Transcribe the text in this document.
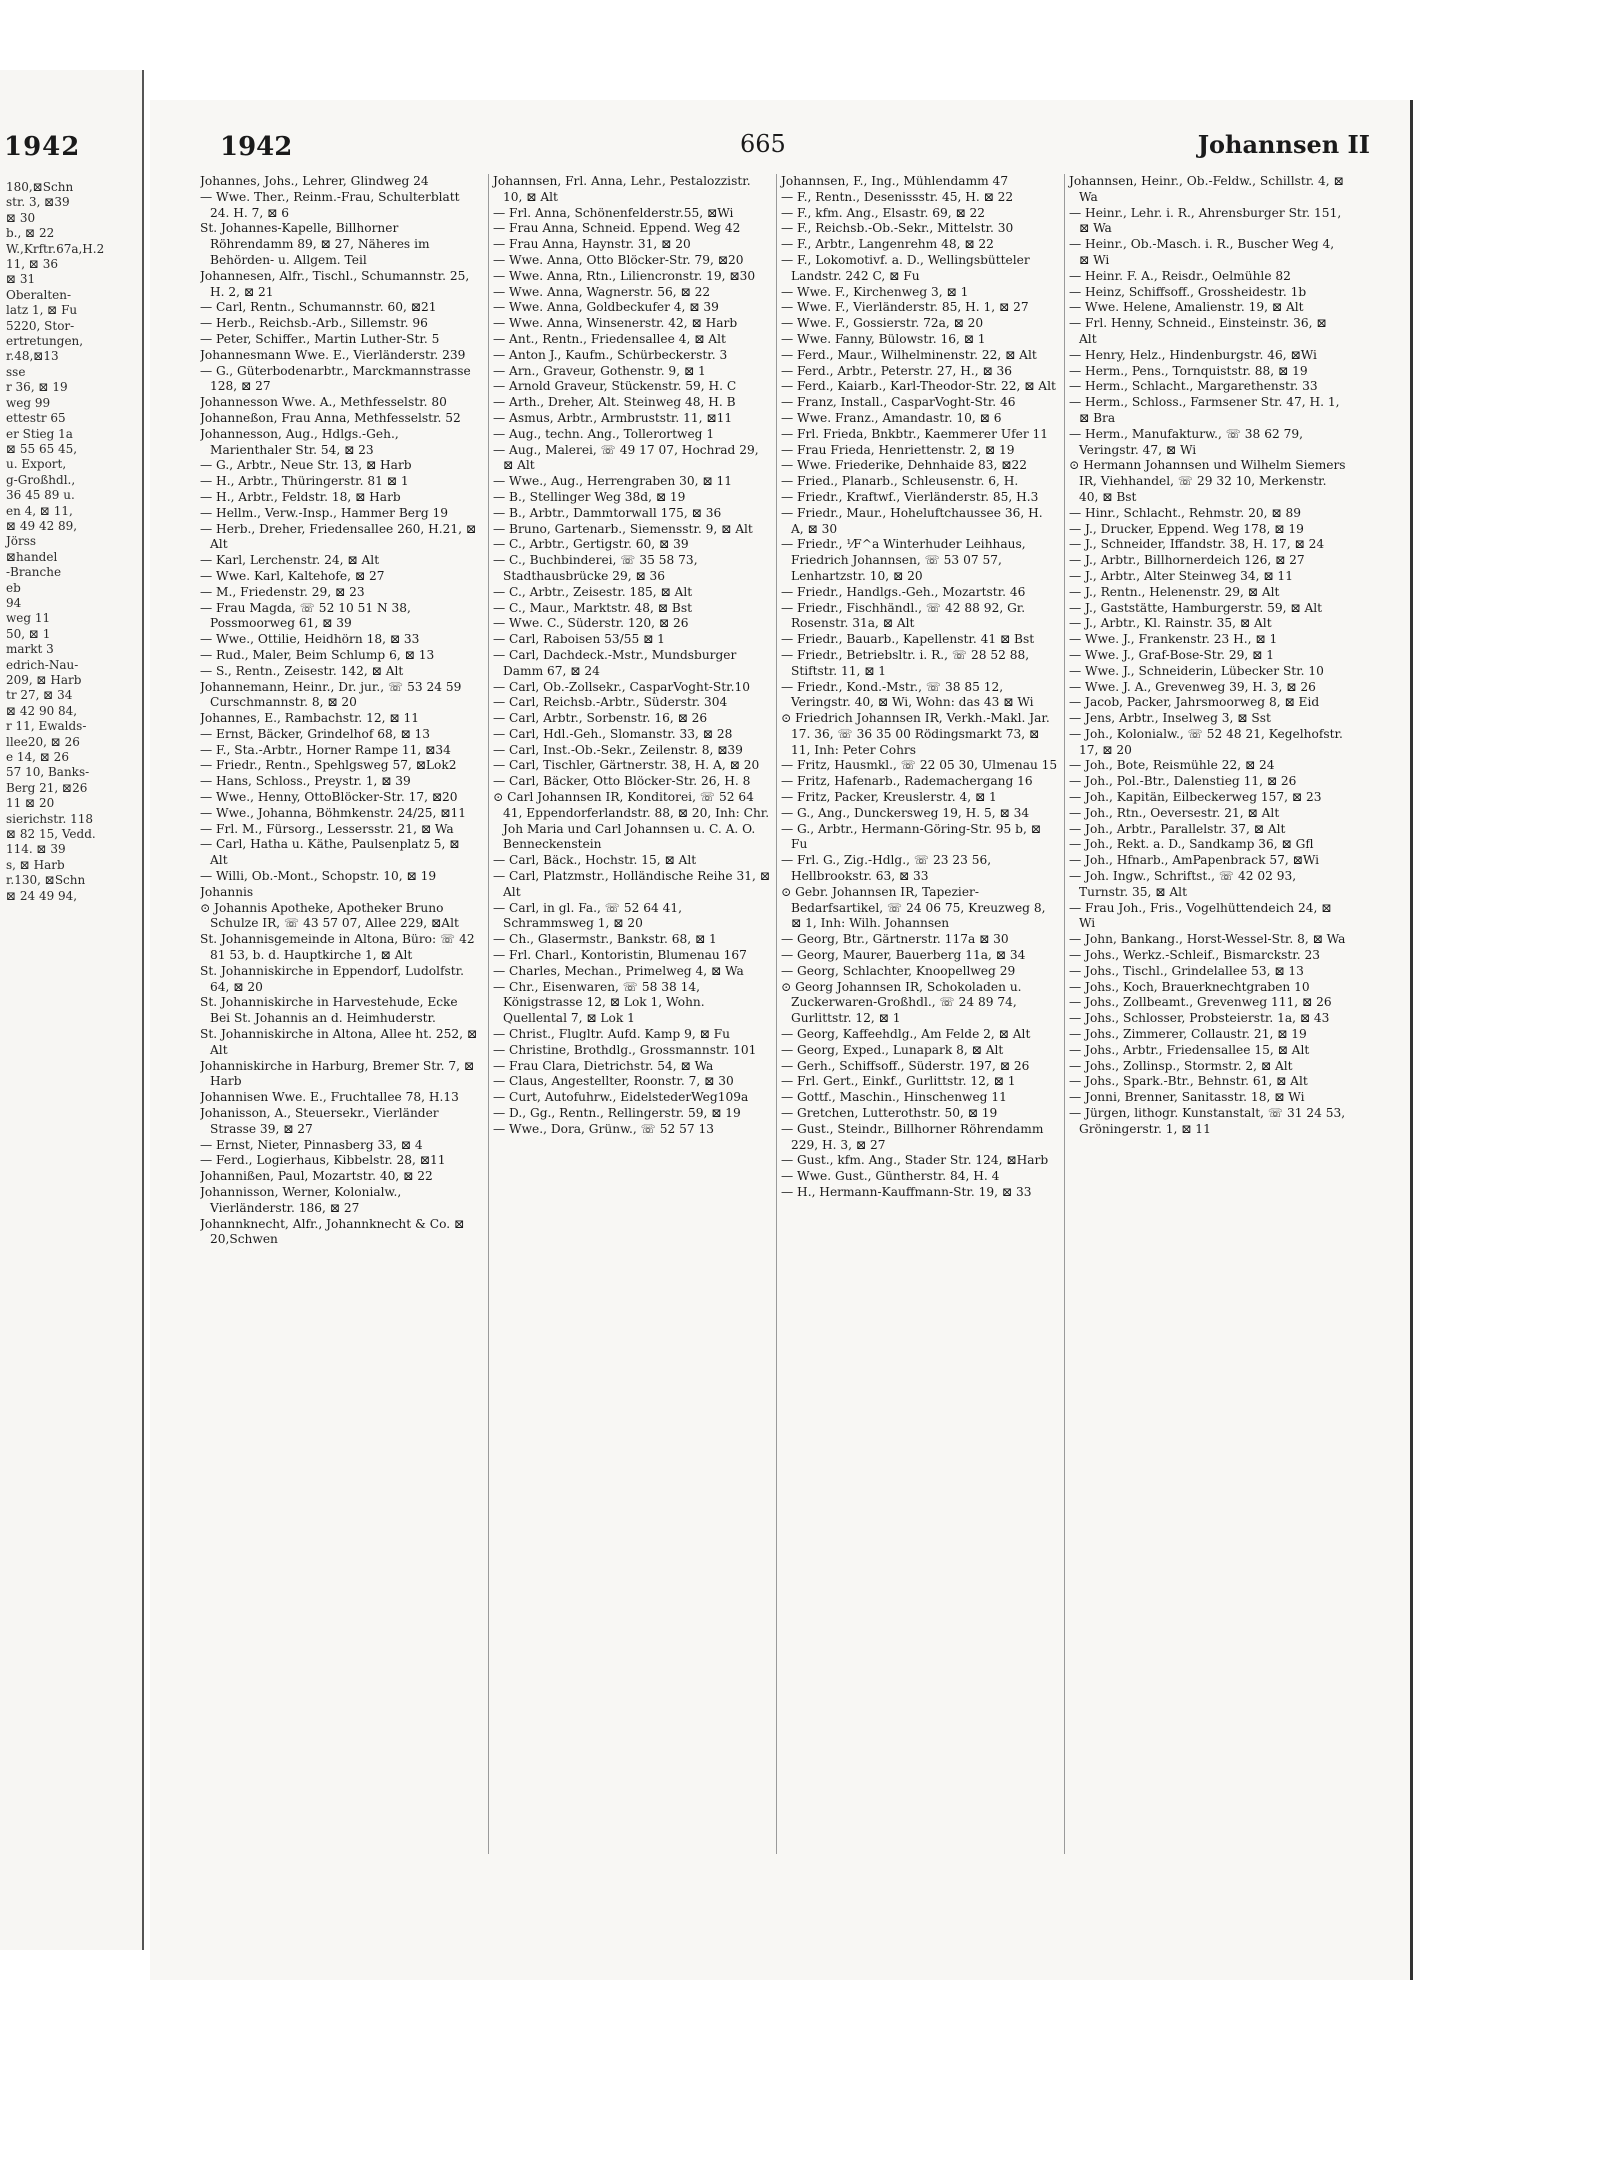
1942
180,⊠Schn
str. 3, ⊠39
⊠ 30
b., ⊠ 22
W.,Krftr.67a,H.2
11, ⊠ 36
⊠ 31
Oberalten-
latz 1, ⊠ Fu
5220, Stor-
ertretungen,
r.48,⊠13
sse
r 36, ⊠ 19
weg 99
ettestr 65
er Stieg 1a
⊠ 55 65 45,
u. Export,
g-Großhdl.,
36 45 89 u.
en 4, ⊠ 11,
⊠ 49 42 89,
Jörss
⊠handel
-Branche
eb
94
weg 11
50, ⊠ 1
markt 3
edrich-Nau-
209, ⊠ Harb
tr 27, ⊠ 34
⊠ 42 90 84,
r 11, Ewalds-
llee20, ⊠ 26
e 14, ⊠ 26
57 10, Banks-
Berg 21, ⊠26
11 ⊠ 20
sierichstr. 118
⊠ 82 15, Vedd.
114. ⊠ 39
s, ⊠ Harb
r.130, ⊠Schn
⊠ 24 49 94,
1942	665	Johannsen II
Johannes, Johs., Lehrer, Glindweg 24
— Wwe. Ther., Reinm.-Frau, Schulterblatt 24. H. 7, ⊠ 6
St. Johannes-Kapelle, Billhorner Röhrendamm 89, ⊠ 27, Näheres im Behörden- u. Allgem. Teil
Johannesen, Alfr., Tischl., Schumannstr. 25, H. 2, ⊠ 21
— Carl, Rentn., Schumannstr. 60, ⊠21
— Herb., Reichsb.-Arb., Sillemstr. 96
— Peter, Schiffer., Martin Luther-Str. 5
Johannesmann Wwe. E., Vierländerstr. 239
— G., Güterbodenarbtr., Marckmannstrasse 128, ⊠ 27
Johannesson Wwe. A., Methfesselstr. 80
Johanneßon, Frau Anna, Methfesselstr. 52
Johannesson, Aug., Hdlgs.-Geh., Marienthaler Str. 54, ⊠ 23
— G., Arbtr., Neue Str. 13, ⊠ Harb
— H., Arbtr., Thüringerstr. 81 ⊠ 1
— H., Arbtr., Feldstr. 18, ⊠ Harb
— Hellm., Verw.-Insp., Hammer Berg 19
— Herb., Dreher, Friedensallee 260, H.21, ⊠ Alt
— Karl, Lerchenstr. 24, ⊠ Alt
— Wwe. Karl, Kaltehofe, ⊠ 27
— M., Friedenstr. 29, ⊠ 23
— Frau Magda, ☏ 52 10 51 N 38, Possmoorweg 61, ⊠ 39
— Wwe., Ottilie, Heidhörn 18, ⊠ 33
— Rud., Maler, Beim Schlump 6, ⊠ 13
— S., Rentn., Zeisestr. 142, ⊠ Alt
Johannemann, Heinr., Dr. jur., ☏ 53 24 59 Curschmannstr. 8, ⊠ 20
Johannes, E., Rambachstr. 12, ⊠ 11
— Ernst, Bäcker, Grindelhof 68, ⊠ 13
— F., Sta.-Arbtr., Horner Rampe 11, ⊠34
— Friedr., Rentn., Spehlgsweg 57, ⊠Lok2
— Hans, Schloss., Preystr. 1, ⊠ 39
— Wwe., Henny, OttoBlöcker-Str. 17, ⊠20
— Wwe., Johanna, Böhmkenstr. 24/25, ⊠11
— Frl. M., Fürsorg., Lessersstr. 21, ⊠ Wa
— Carl, Hatha u. Käthe, Paulsenplatz 5, ⊠ Alt
— Willi, Ob.-Mont., Schopstr. 10, ⊠ 19
Johannis
⊙ Johannis Apotheke, Apotheker Bruno Schulze IR, ☏ 43 57 07, Allee 229, ⊠Alt
St. Johannisgemeinde in Altona, Büro: ☏ 42 81 53, b. d. Hauptkirche 1, ⊠ Alt
St. Johanniskirche in Eppendorf, Ludolfstr. 64, ⊠ 20
St. Johanniskirche in Harvestehude, Ecke Bei St. Johannis an d. Heimhuderstr.
St. Johanniskirche in Altona, Allee ht. 252, ⊠ Alt
Johanniskirche in Harburg, Bremer Str. 7, ⊠ Harb
Johannisen Wwe. E., Fruchtallee 78, H.13
Johanisson, A., Steuersekr., Vierländer Strasse 39, ⊠ 27
— Ernst, Nieter, Pinnasberg 33, ⊠ 4
— Ferd., Logierhaus, Kibbelstr. 28, ⊠11
Johannißen, Paul, Mozartstr. 40, ⊠ 22
Johannisson, Werner, Kolonialw., Vierländerstr. 186, ⊠ 27
Johannknecht, Alfr., Johannknecht & Co. ⊠ 20,Schwen
Johannsen, Frl. Anna, Lehr., Pestalozzistr. 10, ⊠ Alt
— Frl. Anna, Schönenfelderstr.55, ⊠Wi
— Frau Anna, Schneid. Eppend. Weg 42
— Frau Anna, Haynstr. 31, ⊠ 20
— Wwe. Anna, Otto Blöcker-Str. 79, ⊠20
— Wwe. Anna, Rtn., Liliencronstr. 19, ⊠30
— Wwe. Anna, Wagnerstr. 56, ⊠ 22
— Wwe. Anna, Goldbeckufer 4, ⊠ 39
— Wwe. Anna, Winsenerstr. 42, ⊠ Harb
— Ant., Rentn., Friedensallee 4, ⊠ Alt
— Anton J., Kaufm., Schürbeckerstr. 3
— Arn., Graveur, Gothenstr. 9, ⊠ 1
— Arnold Graveur, Stückenstr. 59, H. C
— Arth., Dreher, Alt. Steinweg 48, H. B
— Asmus, Arbtr., Armbruststr. 11, ⊠11
— Aug., techn. Ang., Tollerortweg 1
— Aug., Malerei, ☏ 49 17 07, Hochrad 29, ⊠ Alt
— Wwe., Aug., Herrengraben 30, ⊠ 11
— B., Stellinger Weg 38d, ⊠ 19
— B., Arbtr., Dammtorwall 175, ⊠ 36
— Bruno, Gartenarb., Siemensstr. 9, ⊠ Alt
— C., Arbtr., Gertigstr. 60, ⊠ 39
— C., Buchbinderei, ☏ 35 58 73, Stadthausbrücke 29, ⊠ 36
— C., Arbtr., Zeisestr. 185, ⊠ Alt
— C., Maur., Marktstr. 48, ⊠ Bst
— Wwe. C., Süderstr. 120, ⊠ 26
— Carl, Raboisen 53/55 ⊠ 1
— Carl, Dachdeck.-Mstr., Mundsburger Damm 67, ⊠ 24
— Carl, Ob.-Zollsekr., CasparVoght-Str.10
— Carl, Reichsb.-Arbtr., Süderstr. 304
— Carl, Arbtr., Sorbenstr. 16, ⊠ 26
— Carl, Hdl.-Geh., Slomanstr. 33, ⊠ 28
— Carl, Inst.-Ob.-Sekr., Zeilenstr. 8, ⊠39
— Carl, Tischler, Gärtnerstr. 38, H. A, ⊠ 20
— Carl, Bäcker, Otto Blöcker-Str. 26, H. 8
⊙ Carl Johannsen IR, Konditorei, ☏ 52 64 41, Eppendorferlandstr. 88, ⊠ 20, Inh: Chr. Joh Maria und Carl Johannsen u. C. A. O. Benneckenstein
— Carl, Bäck., Hochstr. 15, ⊠ Alt
— Carl, Platzmstr., Holländische Reihe 31, ⊠ Alt
— Carl, in gl. Fa., ☏ 52 64 41, Schrammsweg 1, ⊠ 20
— Ch., Glasermstr., Bankstr. 68, ⊠ 1
— Frl. Charl., Kontoristin, Blumenau 167
— Charles, Mechan., Primelweg 4, ⊠ Wa
— Chr., Eisenwaren, ☏ 58 38 14, Königstrasse 12, ⊠ Lok 1, Wohn. Quellental 7, ⊠ Lok 1
— Christ., Flugltr. Aufd. Kamp 9, ⊠ Fu
— Christine, Brothdlg., Grossmannstr. 101
— Frau Clara, Dietrichstr. 54, ⊠ Wa
— Claus, Angestellter, Roonstr. 7, ⊠ 30
— Curt, Autofuhrw., EidelstederWeg109a
— D., Gg., Rentn., Rellingerstr. 59, ⊠ 19
— Wwe., Dora, Grünw., ☏ 52 57 13
Johannsen, F., Ing., Mühlendamm 47
— F., Rentn., Desenissstr. 45, H. ⊠ 22
— F., kfm. Ang., Elsastr. 69, ⊠ 22
— F., Reichsb.-Ob.-Sekr., Mittelstr. 30
— F., Arbtr., Langenrehm 48, ⊠ 22
— F., Lokomotivf. a. D., Wellingsbütteler Landstr. 242 C, ⊠ Fu
— Wwe. F., Kirchenweg 3, ⊠ 1
— Wwe. F., Vierländerstr. 85, H. 1, ⊠ 27
— Wwe. F., Gossierstr. 72a, ⊠ 20
— Wwe. Fanny, Bülowstr. 16, ⊠ 1
— Ferd., Maur., Wilhelminenstr. 22, ⊠ Alt
— Ferd., Arbtr., Peterstr. 27, H., ⊠ 36
— Ferd., Kaiarb., Karl-Theodor-Str. 22, ⊠ Alt
— Franz, Install., CasparVoght-Str. 46
— Wwe. Franz., Amandastr. 10, ⊠ 6
— Frl. Frieda, Bnkbtr., Kaemmerer Ufer 11
— Frau Frieda, Henriettenstr. 2, ⊠ 19
— Wwe. Friederike, Dehnhaide 83, ⊠22
— Fried., Planarb., Schleusenstr. 6, H.
— Friedr., Kraftwf., Vierländerstr. 85, H.3
— Friedr., Maur., Hoheluftchaussee 36, H. A, ⊠ 30
— Friedr., ⅟F^a Winterhuder Leihhaus, Friedrich Johannsen, ☏ 53 07 57, Lenhartzstr. 10, ⊠ 20
— Friedr., Handlgs.-Geh., Mozartstr. 46
— Friedr., Fischhändl., ☏ 42 88 92, Gr. Rosenstr. 31a, ⊠ Alt
— Friedr., Bauarb., Kapellenstr. 41 ⊠ Bst
— Friedr., Betriebsltr. i. R., ☏ 28 52 88, Stiftstr. 11, ⊠ 1
— Friedr., Kond.-Mstr., ☏ 38 85 12, Veringstr. 40, ⊠ Wi, Wohn: das 43 ⊠ Wi
⊙ Friedrich Johannsen IR, Verkh.-Makl. Jar. 17. 36, ☏ 36 35 00 Rödingsmarkt 73, ⊠ 11, Inh: Peter Cohrs
— Fritz, Hausmkl., ☏ 22 05 30, Ulmenau 15
— Fritz, Hafenarb., Rademachergang 16
— Fritz, Packer, Kreuslerstr. 4, ⊠ 1
— G., Ang., Dunckersweg 19, H. 5, ⊠ 34
— G., Arbtr., Hermann-Göring-Str. 95 b, ⊠ Fu
— Frl. G., Zig.-Hdlg., ☏ 23 23 56, Hellbrookstr. 63, ⊠ 33
⊙ Gebr. Johannsen IR, Tapezier-Bedarfsartikel, ☏ 24 06 75, Kreuzweg 8, ⊠ 1, Inh: Wilh. Johannsen
— Georg, Btr., Gärtnerstr. 117a ⊠ 30
— Georg, Maurer, Bauerberg 11a, ⊠ 34
— Georg, Schlachter, Knoopellweg 29
⊙ Georg Johannsen IR, Schokoladen u. Zuckerwaren-Großhdl., ☏ 24 89 74, Gurlittstr. 12, ⊠ 1
— Georg, Kaffeehdlg., Am Felde 2, ⊠ Alt
— Georg, Exped., Lunapark 8, ⊠ Alt
— Gerh., Schiffsoff., Süderstr. 197, ⊠ 26
— Frl. Gert., Einkf., Gurlittstr. 12, ⊠ 1
— Gottf., Maschin., Hinschenweg 11
— Gretchen, Lutterothstr. 50, ⊠ 19
— Gust., Steindr., Billhorner Röhrendamm 229, H. 3, ⊠ 27
— Gust., kfm. Ang., Stader Str. 124, ⊠Harb
— Wwe. Gust., Güntherstr. 84, H. 4
— H., Hermann-Kauffmann-Str. 19, ⊠ 33
Johannsen, Heinr., Ob.-Feldw., Schillstr. 4, ⊠ Wa
— Heinr., Lehr. i. R., Ahrensburger Str. 151, ⊠ Wa
— Heinr., Ob.-Masch. i. R., Buscher Weg 4, ⊠ Wi
— Heinr. F. A., Reisdr., Oelmühle 82
— Heinz, Schiffsoff., Grossheidestr. 1b
— Wwe. Helene, Amalienstr. 19, ⊠ Alt
— Frl. Henny, Schneid., Einsteinstr. 36, ⊠ Alt
— Henry, Helz., Hindenburgstr. 46, ⊠Wi
— Herm., Pens., Tornquiststr. 88, ⊠ 19
— Herm., Schlacht., Margarethenstr. 33
— Herm., Schloss., Farmsener Str. 47, H. 1, ⊠ Bra
— Herm., Manufakturw., ☏ 38 62 79, Veringstr. 47, ⊠ Wi
⊙ Hermann Johannsen und Wilhelm Siemers IR, Viehhandel, ☏ 29 32 10, Merkenstr. 40, ⊠ Bst
— Hinr., Schlacht., Rehmstr. 20, ⊠ 89
— J., Drucker, Eppend. Weg 178, ⊠ 19
— J., Schneider, Iffandstr. 38, H. 17, ⊠ 24
— J., Arbtr., Billhornerdeich 126, ⊠ 27
— J., Arbtr., Alter Steinweg 34, ⊠ 11
— J., Rentn., Helenenstr. 29, ⊠ Alt
— J., Gaststätte, Hamburgerstr. 59, ⊠ Alt
— J., Arbtr., Kl. Rainstr. 35, ⊠ Alt
— Wwe. J., Frankenstr. 23 H., ⊠ 1
— Wwe. J., Graf-Bose-Str. 29, ⊠ 1
— Wwe. J., Schneiderin, Lübecker Str. 10
— Wwe. J. A., Grevenweg 39, H. 3, ⊠ 26
— Jacob, Packer, Jahrsmoorweg 8, ⊠ Eid
— Jens, Arbtr., Inselweg 3, ⊠ Sst
— Joh., Kolonialw., ☏ 52 48 21, Kegelhofstr. 17, ⊠ 20
— Joh., Bote, Reismühle 22, ⊠ 24
— Joh., Pol.-Btr., Dalenstieg 11, ⊠ 26
— Joh., Kapitän, Eilbeckerweg 157, ⊠ 23
— Joh., Rtn., Oeversestr. 21, ⊠ Alt
— Joh., Arbtr., Parallelstr. 37, ⊠ Alt
— Joh., Rekt. a. D., Sandkamp 36, ⊠ Gfl
— Joh., Hfnarb., AmPapenbrack 57, ⊠Wi
— Joh. Ingw., Schriftst., ☏ 42 02 93, Turnstr. 35, ⊠ Alt
— Frau Joh., Fris., Vogelhüttendeich 24, ⊠ Wi
— John, Bankang., Horst-Wessel-Str. 8, ⊠ Wa
— Johs., Werkz.-Schleif., Bismarckstr. 23
— Johs., Tischl., Grindelallee 53, ⊠ 13
— Johs., Koch, Brauerknechtgraben 10
— Johs., Zollbeamt., Grevenweg 111, ⊠ 26
— Johs., Schlosser, Probsteierstr. 1a, ⊠ 43
— Johs., Zimmerer, Collaustr. 21, ⊠ 19
— Johs., Arbtr., Friedensallee 15, ⊠ Alt
— Johs., Zollinsp., Stormstr. 2, ⊠ Alt
— Johs., Spark.-Btr., Behnstr. 61, ⊠ Alt
— Jonni, Brenner, Sanitasstr. 18, ⊠ Wi
— Jürgen, lithogr. Kunstanstalt, ☏ 31 24 53, Gröningerstr. 1, ⊠ 11
